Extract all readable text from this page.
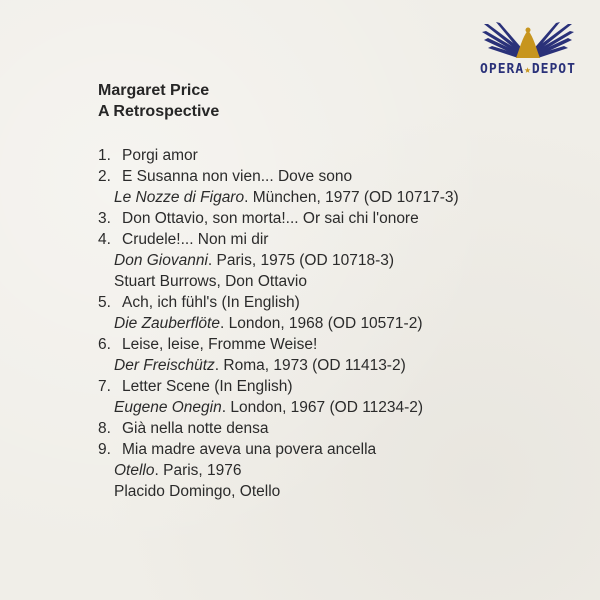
OPERA★DEPOT
Margaret Price
A Retrospective
1. Porgi amor
2. E Susanna non vien... Dove sono
Le Nozze di Figaro. München, 1977 (OD 10717-3)
3. Don Ottavio, son morta!... Or sai chi l'onore
4. Crudele!... Non mi dir
Don Giovanni. Paris, 1975 (OD 10718-3)
Stuart Burrows, Don Ottavio
5. Ach, ich fühl's (In English)
Die Zauberflöte. London, 1968 (OD 10571-2)
6. Leise, leise, Fromme Weise!
Der Freischütz. Roma, 1973 (OD 11413-2)
7. Letter Scene (In English)
Eugene Onegin. London, 1967 (OD 11234-2)
8. Già nella notte densa
9. Mia madre aveva una povera ancella
Otello. Paris, 1976
Placido Domingo, Otello
